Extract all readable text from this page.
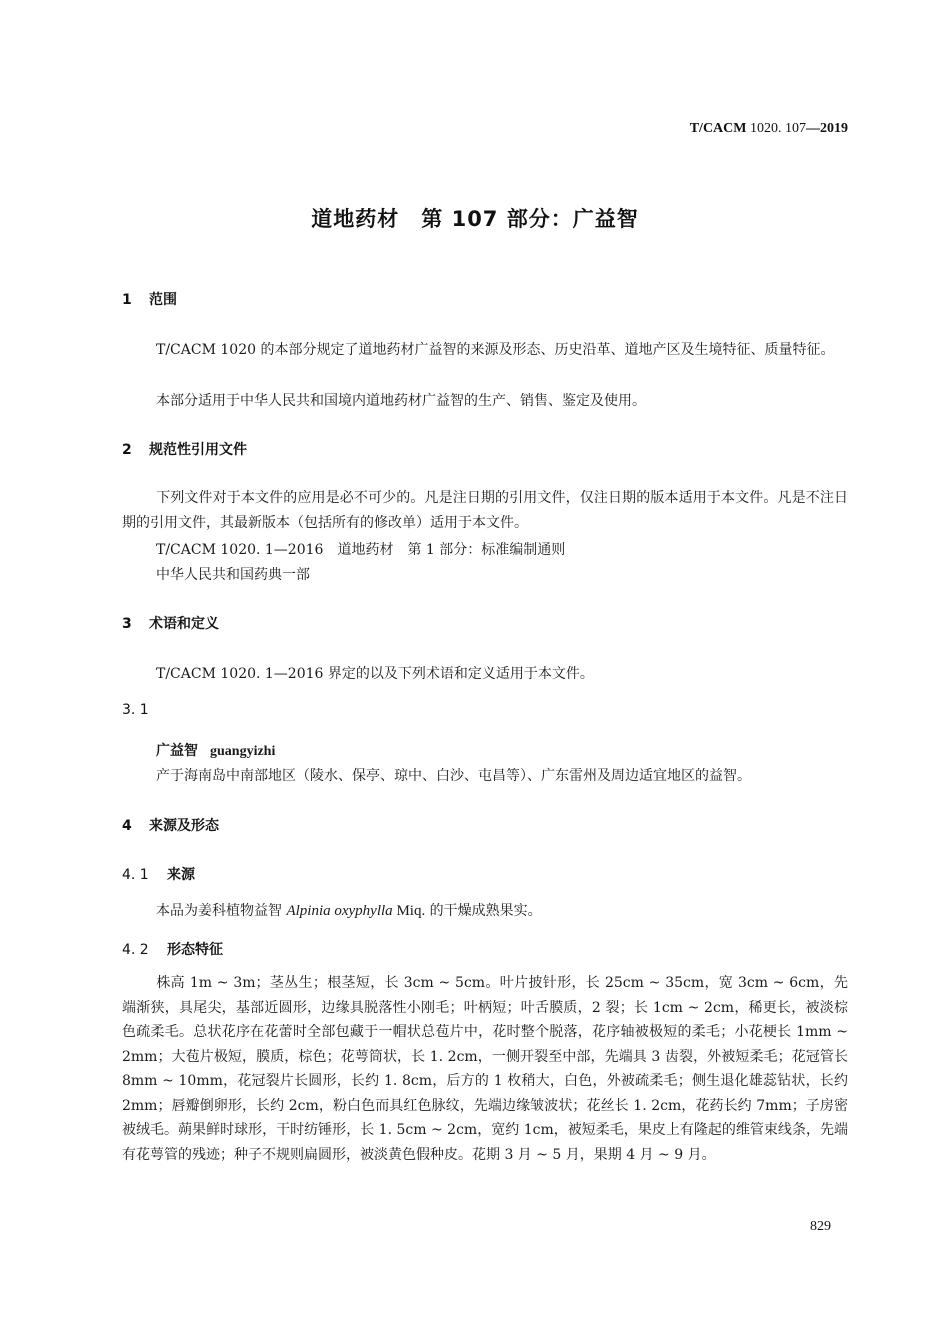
T/CACM 1020. 107—2019
道地药材　第 107 部分：广益智
1 范围
T/CACM 1020 的本部分规定了道地药材广益智的来源及形态、历史沿革、道地产区及生境特征、质量特征。
本部分适用于中华人民共和国境内道地药材广益智的生产、销售、鉴定及使用。
2 规范性引用文件
下列文件对于本文件的应用是必不可少的。凡是注日期的引用文件，仅注日期的版本适用于本文件。凡是不注日期的引用文件，其最新版本（包括所有的修改单）适用于本文件。
T/CACM 1020. 1—2016　道地药材　第 1 部分：标准编制通则
中华人民共和国药典一部
3 术语和定义
T/CACM 1020. 1—2016 界定的以及下列术语和定义适用于本文件。
3. 1
广益智 guangyizhi
产于海南岛中南部地区（陵水、保亭、琼中、白沙、屯昌等）、广东雷州及周边适宜地区的益智。
4 来源及形态
4. 1 来源
本品为姜科植物益智 Alpinia oxyphylla Miq. 的干燥成熟果实。
4. 2 形态特征
株高 1m ~ 3m；茎丛生；根茎短，长 3cm ~ 5cm。叶片披针形，长 25cm ~ 35cm，宽 3cm ~ 6cm，先端渐狭，具尾尖，基部近圆形，边缘具脱落性小刚毛；叶柄短；叶舌膜质，2 裂；长 1cm ~ 2cm，稀更长，被淡棕色疏柔毛。总状花序在花蕾时全部包藏于一帽状总苞片中，花时整个脱落，花序轴被极短的柔毛；小花梗长 1mm ~ 2mm；大苞片极短，膜质，棕色；花萼筒状，长 1. 2cm，一侧开裂至中部，先端具 3 齿裂，外被短柔毛；花冠管长 8mm ~ 10mm，花冠裂片长圆形，长约 1. 8cm，后方的 1 枚稍大，白色，外被疏柔毛；侧生退化雄蕊钻状，长约 2mm；唇瓣倒卵形，长约 2cm，粉白色而具红色脉纹，先端边缘皱波状；花丝长 1. 2cm，花药长约 7mm；子房密被绒毛。蒴果鲜时球形，干时纺锤形，长 1. 5cm ~ 2cm，宽约 1cm，被短柔毛，果皮上有隆起的维管束线条，先端有花萼管的残迹；种子不规则扁圆形，被淡黄色假种皮。花期 3 月 ~ 5 月，果期 4 月 ~ 9 月。
829
